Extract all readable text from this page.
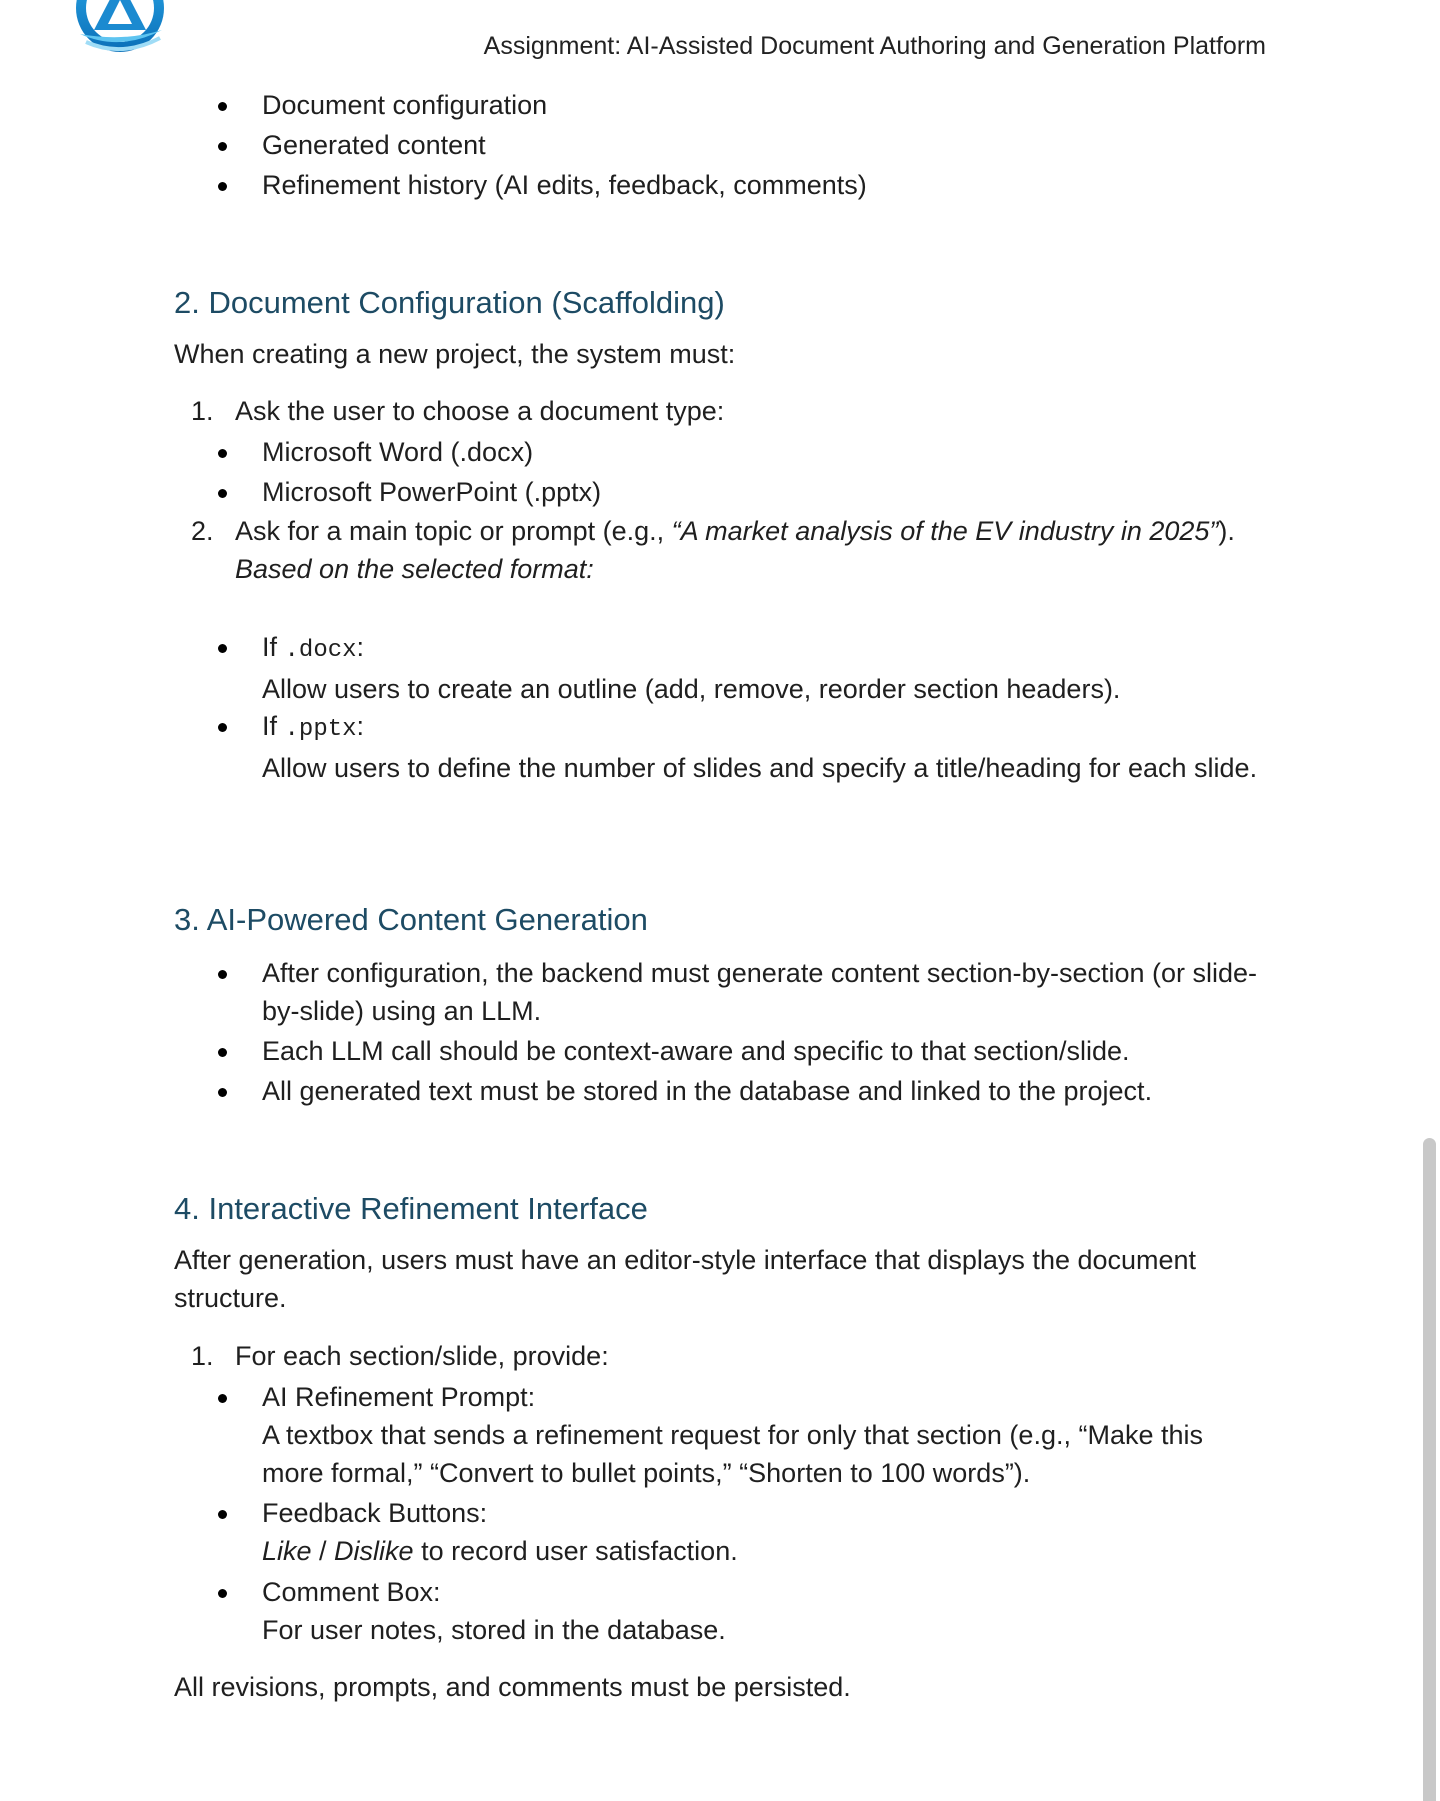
Assignment: AI-Assisted Document Authoring and Generation Platform
Document configuration
Generated content
Refinement history (AI edits, feedback, comments)
2. Document Configuration (Scaffolding)
When creating a new project, the system must:
1. Ask the user to choose a document type:
Microsoft Word (.docx)
Microsoft PowerPoint (.pptx)
2. Ask for a main topic or prompt (e.g., “A market analysis of the EV industry in 2025”).
Based on the selected format:
If .docx:
Allow users to create an outline (add, remove, reorder section headers).
If .pptx:
Allow users to define the number of slides and specify a title/heading for each slide.
3. AI-Powered Content Generation
After configuration, the backend must generate content section-by-section (or slide-by-slide) using an LLM.
Each LLM call should be context-aware and specific to that section/slide.
All generated text must be stored in the database and linked to the project.
4. Interactive Refinement Interface
After generation, users must have an editor-style interface that displays the document structure.
1. For each section/slide, provide:
AI Refinement Prompt:
A textbox that sends a refinement request for only that section (e.g., “Make this more formal,” “Convert to bullet points,” “Shorten to 100 words”).
Feedback Buttons:
Like / Dislike to record user satisfaction.
Comment Box:
For user notes, stored in the database.
All revisions, prompts, and comments must be persisted.
